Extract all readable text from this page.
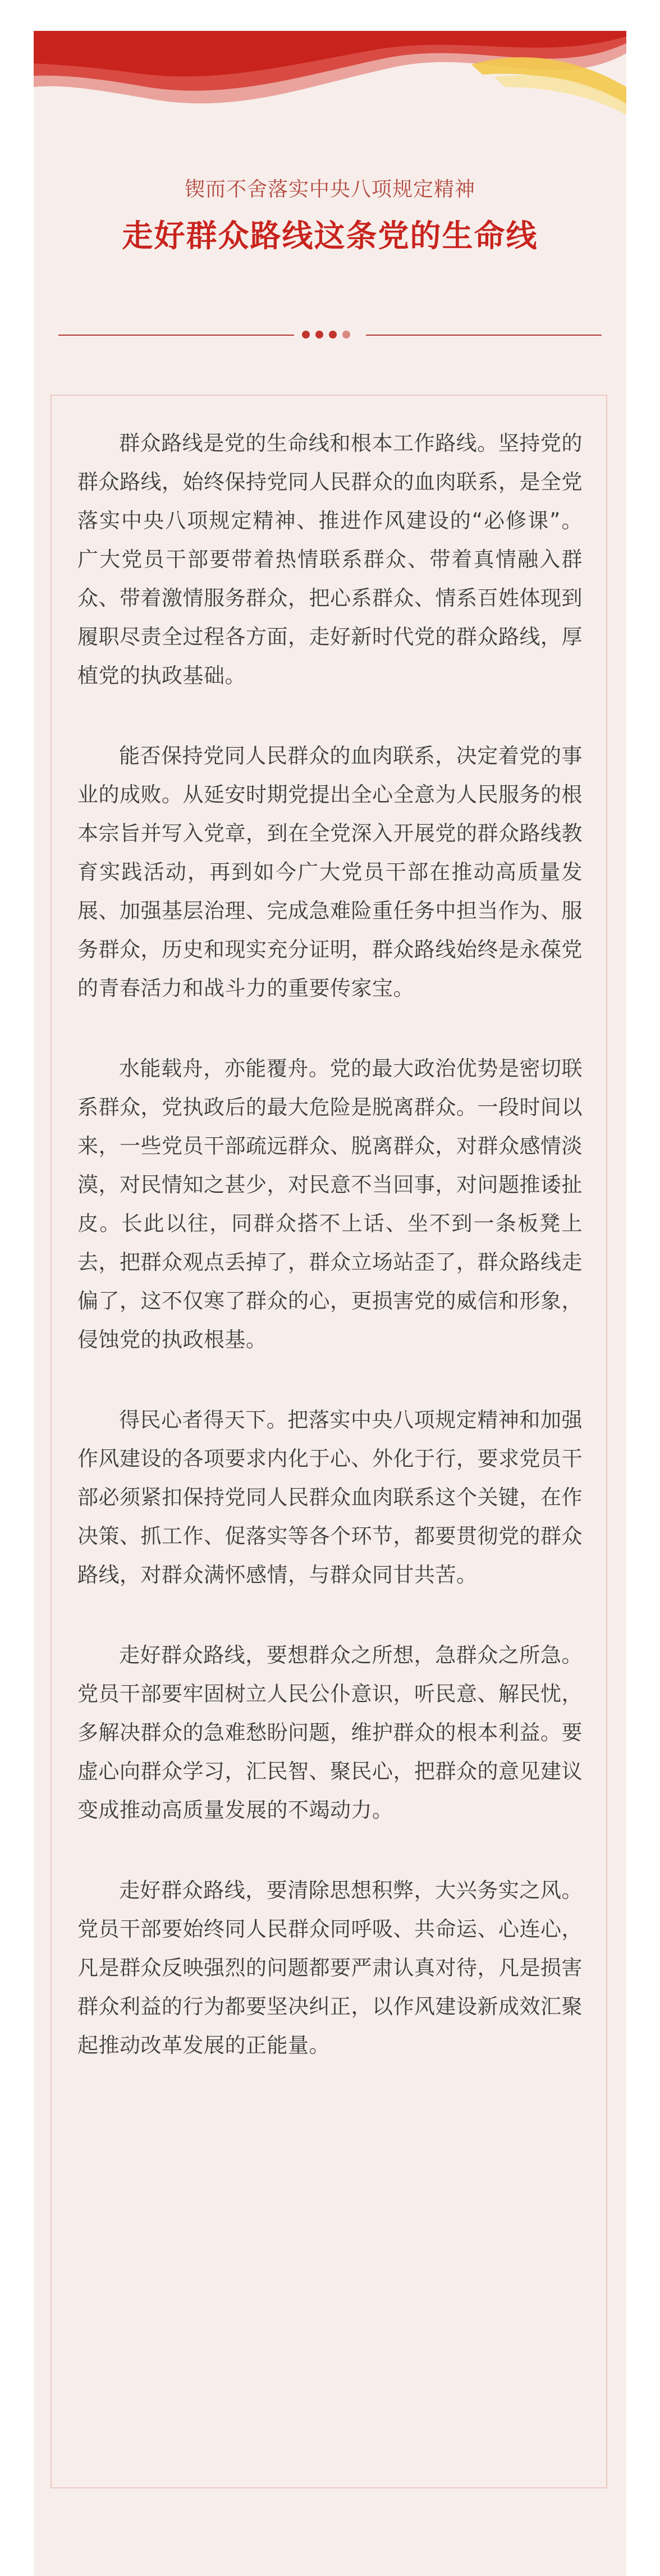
锲而不舍落实中央八项规定精神
走好群众路线这条党的生命线

群众路线是党的生命线和根本工作路线。坚持党的群众路线，始终保持党同人民群众的血肉联系，是全党落实中央八项规定精神、推进作风建设的“必修课”。广大党员干部要带着热情联系群众、带着真情融入群众、带着激情服务群众，把心系群众、情系百姓体现到履职尽责全过程各方面，走好新时代党的群众路线，厚植党的执政基础。

能否保持党同人民群众的血肉联系，决定着党的事业的成败。从延安时期党提出全心全意为人民服务的根本宗旨并写入党章，到在全党深入开展党的群众路线教育实践活动，再到如今广大党员干部在推动高质量发展、加强基层治理、完成急难险重任务中担当作为、服务群众，历史和现实充分证明，群众路线始终是永葆党的青春活力和战斗力的重要传家宝。

水能载舟，亦能覆舟。党的最大政治优势是密切联系群众，党执政后的最大危险是脱离群众。一段时间以来，一些党员干部疏远群众、脱离群众，对群众感情淡漠，对民情知之甚少，对民意不当回事，对问题推诿扯皮。长此以往，同群众搭不上话、坐不到一条板凳上去，把群众观点丢掉了，群众立场站歪了，群众路线走偏了，这不仅寒了群众的心，更损害党的威信和形象，侵蚀党的执政根基。

得民心者得天下。把落实中央八项规定精神和加强作风建设的各项要求内化于心、外化于行，要求党员干部必须紧扣保持党同人民群众血肉联系这个关键，在作决策、抓工作、促落实等各个环节，都要贯彻党的群众路线，对群众满怀感情，与群众同甘共苦。

走好群众路线，要想群众之所想，急群众之所急。党员干部要牢固树立人民公仆意识，听民意、解民忧，多解决群众的急难愁盼问题，维护群众的根本利益。要虚心向群众学习，汇民智、聚民心，把群众的意见建议变成推动高质量发展的不竭动力。

走好群众路线，要清除思想积弊，大兴务实之风。党员干部要始终同人民群众同呼吸、共命运、心连心，凡是群众反映强烈的问题都要严肃认真对待，凡是损害群众利益的行为都要坚决纠正，以作风建设新成效汇聚起推动改革发展的正能量。
